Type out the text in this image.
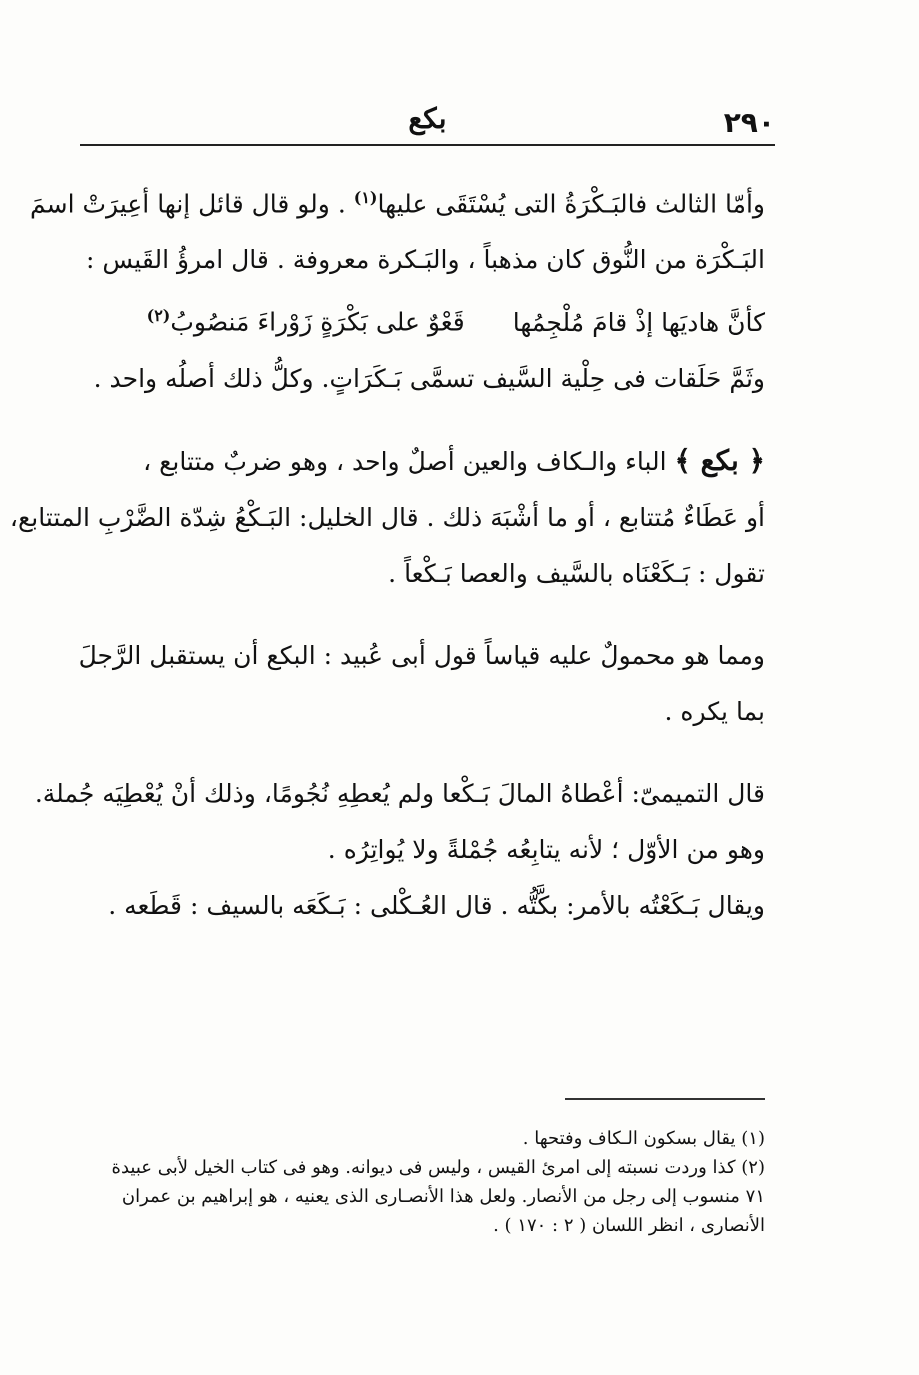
بكع	٢٩٠
وأمّا الثالث فالبَـكْرَةُ التى يُسْتَقَى عليها$^{(١)}$ . ولو قال قائل إنها أعِيرَتْ اسمَ
البَـكْرَة من النُّوق كان مذهباً ، والبَـكرة معروفة . قال امرؤُ القَيس :
كأنَّ هاديَها إذْ قامَ مُلْجِمُهاقَعْوٌ على بَكْرَةٍ زَوْراءَ مَنصُوبُ$^{(٢)}$
وثَمَّ حَلَقات فى حِلْية السَّيف تسمَّى بَـكَرَاتٍ. وكلُّ ذلك أصلُه واحد .
﴿ بكع ﴾ الباء والـكاف والعين أصلٌ واحد ، وهو ضربٌ متتابع ،
أو عَطَاءٌ مُتتابع ، أو ما أشْبَهَ ذلك . قال الخليل: البَـكْعُ شِدّة الضَّرْبِ المتتابع،
تقول : بَـكَعْنَاه بالسَّيف والعصا بَـكْعاً .
ومما هو محمولٌ عليه قياساً قول أبى عُبيد : البكع أن يستقبل الرَّجلَ
بما يكره .
قال التميمىّ: أعْطاهُ المالَ بَـكْعا ولم يُعطِهِ نُجُومًا، وذلك أنْ يُعْطِيَه جُملة.
وهو من الأوّل ؛ لأنه يتابِعُه جُمْلةً ولا يُواتِرُه .
ويقال بَـكَعْتُه بالأمر: بكَّتُّه . قال العُـكْلى : بَـكَعَه بالسيف : قَطَعه .
(١) يقال بسكون الـكاف وفتحها .
(٢) كذا وردت نسبته إلى امرئ القيس ، وليس فى ديوانه. وهو فى كتاب الخيل لأبى عبيدة
٧١ منسوب إلى رجل من الأنصار. ولعل هذا الأنصـارى الذى يعنيه ، هو إبراهيم بن عمران
الأنصارى ، انظر اللسان ( ٢ : ١٧٠ ) .
